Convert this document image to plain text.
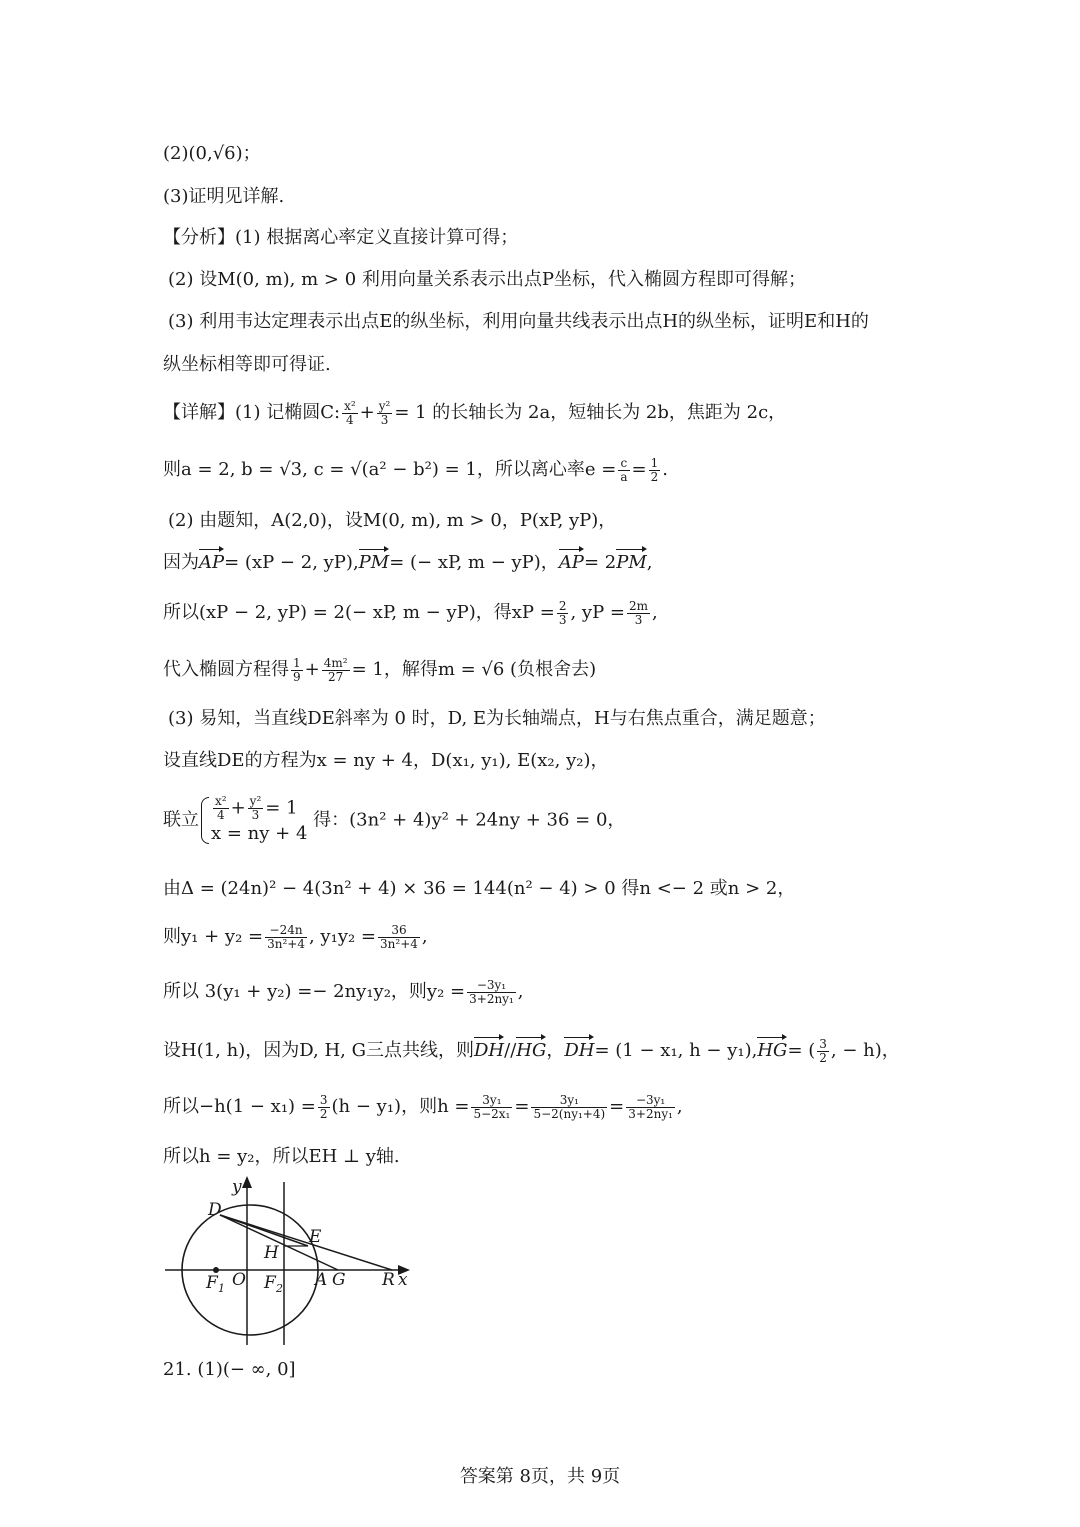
(2)(0,√6)；
(3)证明见详解.
【分析】(1) 根据离心率定义直接计算可得；
(2) 设M(0, m), m > 0 利用向量关系表示出点P坐标，代入椭圆方程即可得解；
(3) 利用韦达定理表示出点E的纵坐标，利用向量共线表示出点H的纵坐标，证明E和H的
纵坐标相等即可得证.
【详解】(1) 记椭圆C: $\frac{\text{x²}}{4} + \frac{\text{y²}}{3} = 1$ 的长轴长为 2a，短轴长为 2b，焦距为 2c，
则a = 2, b = √3, c = √(a² − b²) = 1，所以离心率$e = \frac{c}{a} = \frac{1}{2}$ .
(2) 由题知，A(2,0)，设M(0, m), m > 0，P(xP, yP)，
因为AP= (xP − 2, yP),PM= (− xP, m − yP)，AP= 2PM,
所以(xP − 2, yP) = 2(− xP, m − yP)，得xP = $\frac{2}{3}$ , yP = $\frac{2m}{3}$ ,
代入椭圆方程得 $\frac{1}{9} + \frac{\text{4m²}}{27} = 1$，解得m = √6 (负根舍去)
(3) 易知，当直线DE斜率为 0 时，D, E为长轴端点，H与右焦点重合，满足题意；
设直线DE的方程为x = ny + 4，D(x₁, y₁), E(x₂, y₂)，
联立 $\frac{\text{x²}}{4} + \frac{\text{y²}}{3} = 1$
x = ny + 4
得：(3n² + 4)y² + 24ny + 36 = 0，
由Δ = (24n)² − 4(3n² + 4) × 36 = 144(n² − 4) > 0 得n <− 2 或n > 2，
则$y_1 + y_2 = \frac{-24n}{\text{3n²+4}}$ , $y_1y_2 = \frac{36}{\text{3n²+4}}$ ,
所以 3(y₁ + y₂) =− 2ny₁y₂，则$y_2 = \frac{\text{−3y₁}}{\text{3+2ny₁}}$ ,
设H(1, h)，因为D, H, G三点共线，则DH//HG，DH= (1 − x₁, h − y₁),HG= ( $\frac{3}{2}$ , − h)，
所以$-h(1 - x_1) = \frac{3}{2} (h - y_1)$，则$h = \frac{\text{3y₁}}{\text{5−2x₁}} = \frac{\text{3y₁}}{\text{5−2(ny₁+4)}} = \frac{\text{−3y₁}}{\text{3+2ny₁}}$ ,
所以h = y₂，所以EH ⊥ y轴.
y
D
E
H
F 1 O F 2 A G R x
21. (1)(− ∞, 0]
答案第 8页，共 9页
